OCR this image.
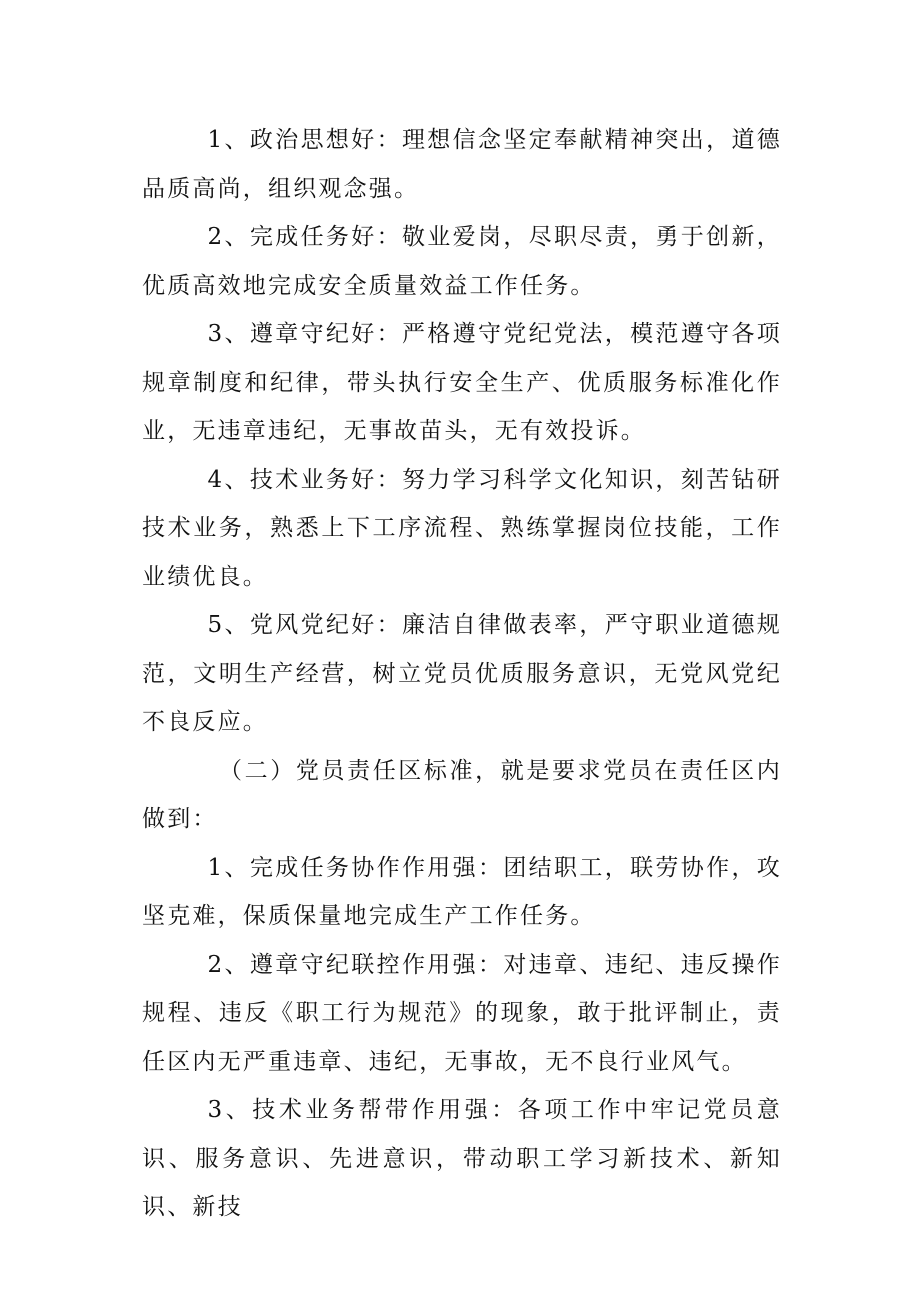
1、政治思想好：理想信念坚定奉献精神突出，道德品质高尚，组织观念强。

2、完成任务好：敬业爱岗，尽职尽责，勇于创新，优质高效地完成安全质量效益工作任务。

3、遵章守纪好：严格遵守党纪党法，模范遵守各项规章制度和纪律，带头执行安全生产、优质服务标准化作业，无违章违纪，无事故苗头，无有效投诉。

4、技术业务好：努力学习科学文化知识，刻苦钻研技术业务，熟悉上下工序流程、熟练掌握岗位技能，工作业绩优良。

5、党风党纪好：廉洁自律做表率，严守职业道德规范，文明生产经营，树立党员优质服务意识，无党风党纪不良反应。

（二）党员责任区标准，就是要求党员在责任区内做到：

1、完成任务协作作用强：团结职工，联劳协作，攻坚克难，保质保量地完成生产工作任务。

2、遵章守纪联控作用强：对违章、违纪、违反操作规程、违反《职工行为规范》的现象，敢于批评制止，责任区内无严重违章、违纪，无事故，无不良行业风气。

3、技术业务帮带作用强：各项工作中牢记党员意识、服务意识、先进意识，带动职工学习新技术、新知识、新技
